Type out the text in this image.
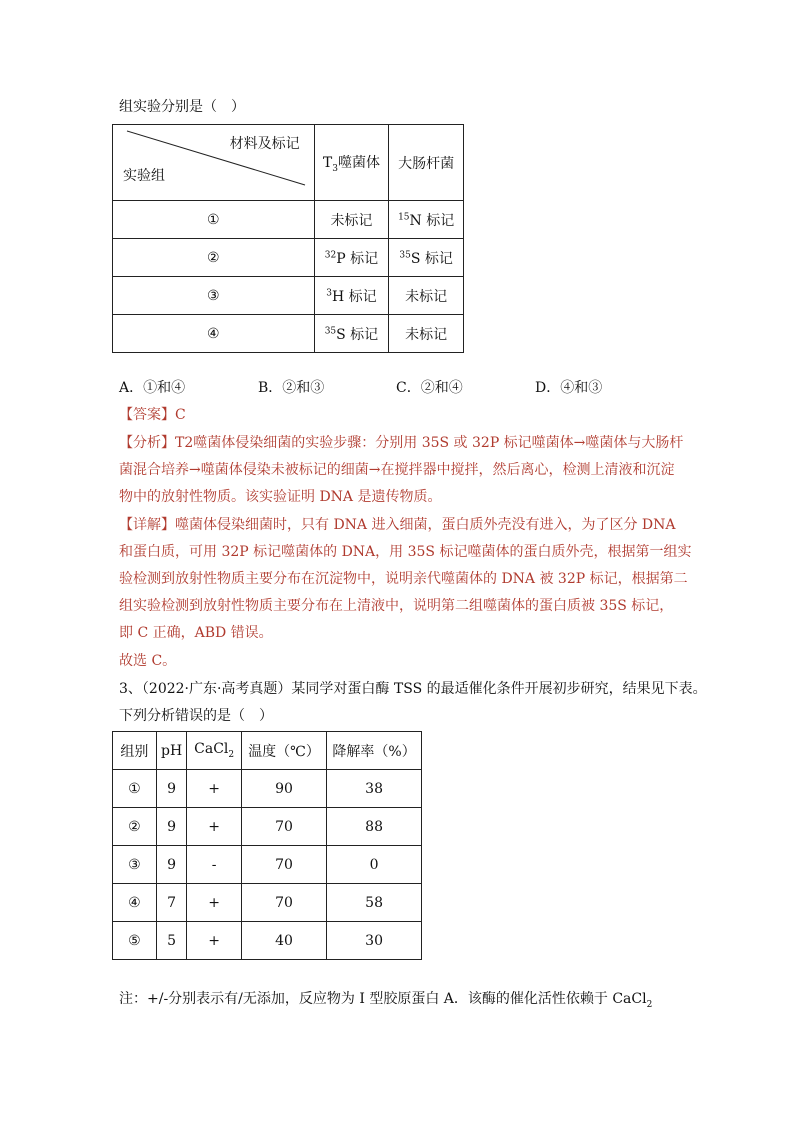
组实验分别是（　）
材料及标记
实验组	$T_3$噬菌体	大肠杆菌
①	未标记	$^{15}$N 标记
②	$^{32}$P 标记	$^{35}$S 标记
③	$^3$H 标记	未标记
④	$^{35}$S 标记	未标记
A．①和④	B．②和③	C．②和④	D．④和③
【答案】C
【分析】T2噬菌体侵染细菌的实验步骤：分别用 35S 或 32P 标记噬菌体→噬菌体与大肠杆
菌混合培养→噬菌体侵染未被标记的细菌→在搅拌器中搅拌，然后离心，检测上清液和沉淀
物中的放射性物质。该实验证明 DNA 是遗传物质。
【详解】噬菌体侵染细菌时，只有 DNA 进入细菌，蛋白质外壳没有进入，为了区分 DNA
和蛋白质，可用 32P 标记噬菌体的 DNA，用 35S 标记噬菌体的蛋白质外壳，根据第一组实
验检测到放射性物质主要分布在沉淀物中，说明亲代噬菌体的 DNA 被 32P 标记，根据第二
组实验检测到放射性物质主要分布在上清液中，说明第二组噬菌体的蛋白质被 35S 标记，
即 C 正确，ABD 错误。
故选 C。
3、（2022·广东·高考真题）某同学对蛋白酶 TSS 的最适催化条件开展初步研究，结果见下表。
下列分析错误的是（　）
组别	pH	CaCl$_2$	温度（℃）	降解率（%）
①	9	+	90	38
②	9	+	70	88
③	9	-	70	0
④	7	+	70	58
⑤	5	+	40	30
注：+/-分别表示有/无添加，反应物为 I 型胶原蛋白 A．该酶的催化活性依赖于 CaCl$_2$
